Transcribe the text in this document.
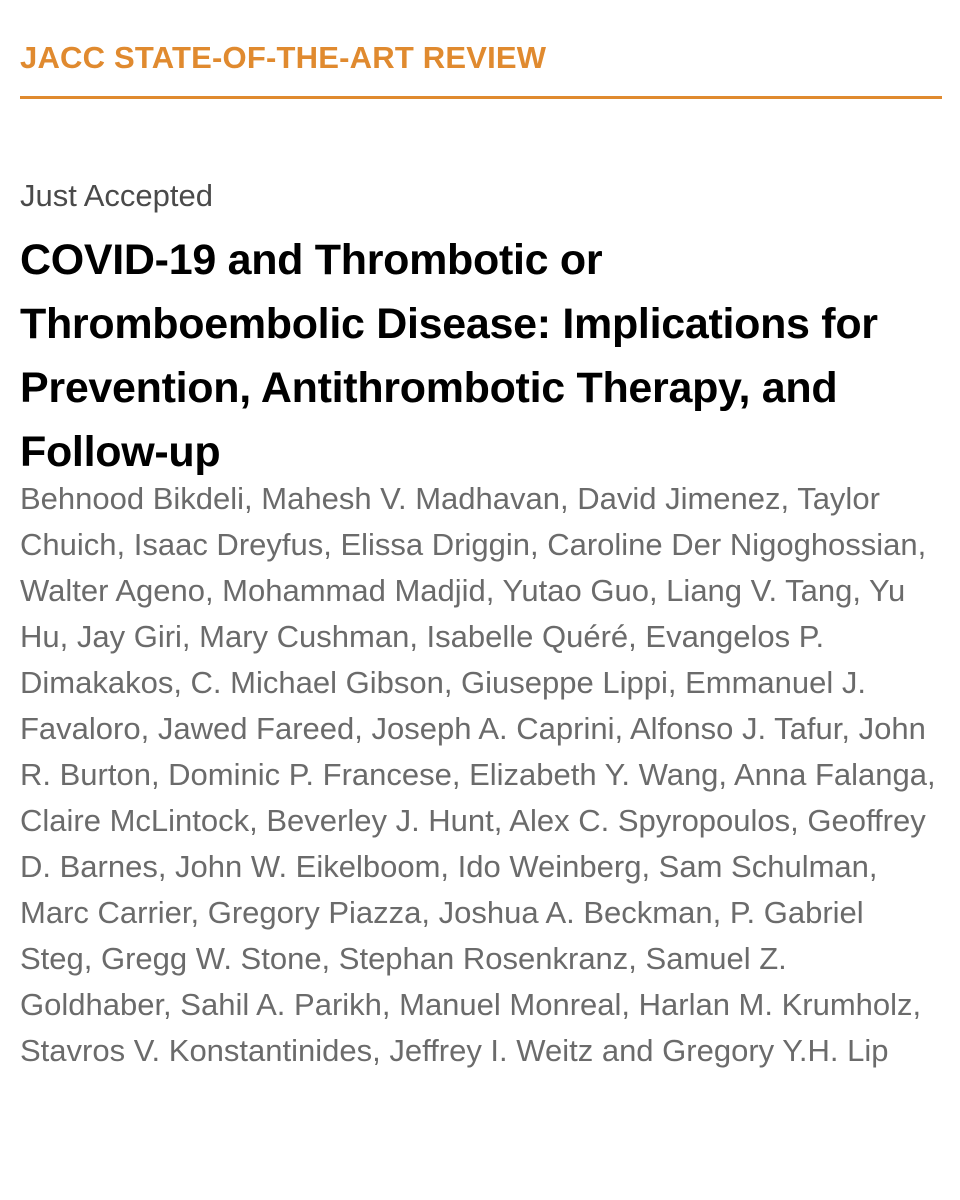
JACC STATE-OF-THE-ART REVIEW
Just Accepted
COVID-19 and Thrombotic or Thromboembolic Disease: Implications for Prevention, Antithrombotic Therapy, and Follow-up

Behnood Bikdeli, Mahesh V. Madhavan, David Jimenez, Taylor Chuich, Isaac Dreyfus, Elissa Driggin, Caroline Der Nigoghossian, Walter Ageno, Mohammad Madjid, Yutao Guo, Liang V. Tang, Yu Hu, Jay Giri, Mary Cushman, Isabelle Quéré, Evangelos P. Dimakakos, C. Michael Gibson, Giuseppe Lippi, Emmanuel J. Favaloro, Jawed Fareed, Joseph A. Caprini, Alfonso J. Tafur, John R. Burton, Dominic P. Francese, Elizabeth Y. Wang, Anna Falanga, Claire McLintock, Beverley J. Hunt, Alex C. Spyropoulos, Geoffrey D. Barnes, John W. Eikelboom, Ido Weinberg, Sam Schulman, Marc Carrier, Gregory Piazza, Joshua A. Beckman, P. Gabriel Steg, Gregg W. Stone, Stephan Rosenkranz, Samuel Z. Goldhaber, Sahil A. Parikh, Manuel Monreal, Harlan M. Krumholz, Stavros V. Konstantinides, Jeffrey I. Weitz and Gregory Y.H. Lip
